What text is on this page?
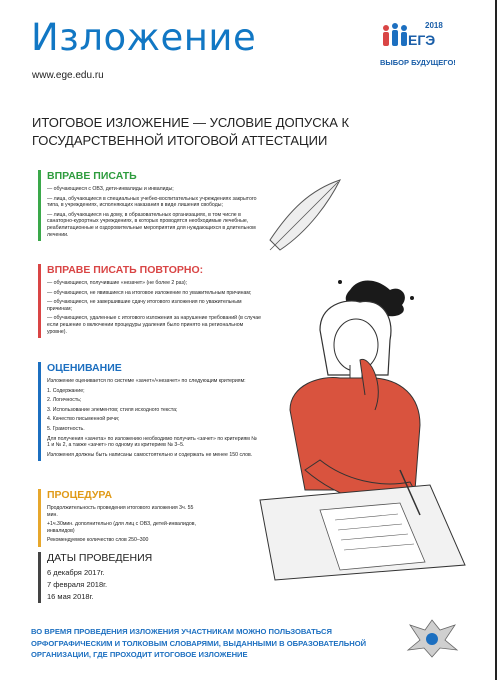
Изложение
www.ege.edu.ru
2018
ЕГЭ
ВЫБОР БУДУЩЕГО!
ИТОГОВОЕ ИЗЛОЖЕНИЕ — УСЛОВИЕ ДОПУСКА К ГОСУДАРСТВЕННОЙ ИТОГОВОЙ АТТЕСТАЦИИ
ВПРАВЕ ПИСАТЬ
— обучающиеся с ОВЗ, дети-инвалиды и инвалиды;
— лица, обучающиеся в специальных учебно-воспитательных учреждениях закрытого типа, в учреждениях, исполняющих наказания в виде лишения свободы;
— лица, обучающиеся на дому, в образовательных организациях, в том числе в санаторно-курортных учреждениях, в которых проводятся необходимые лечебные, реабилитационные и оздоровительные мероприятия для нуждающихся в длительном лечении.
ВПРАВЕ ПИСАТЬ ПОВТОРНО:
— обучающиеся, получившие «незачет» (не более 2 раз);
— обучающиеся, не явившиеся на итоговое изложение по уважительным причинам;
— обучающиеся, не завершившие сдачу итогового изложения по уважительным причинам;
— обучающиеся, удаленные с итогового изложения за нарушение требований (в случае если решение о включении процедуры удаления было принято на региональном уровне).
ОЦЕНИВАНИЕ
Изложение оценивается по системе «зачет»/«незачет» по следующим критериям:
1. Содержание;
2. Логичность;
3. Использование элементов; стиля исходного текста;
4. Качество письменной речи;
5. Грамотность.
Для получения «зачета» по изложению необходимо получить «зачет» по критериям № 1 и № 2, а также «зачет» по одному из критериев № 3–5.
Изложения должны быть написаны самостоятельно и содержать не менее 150 слов.
ПРОЦЕДУРА
Продолжительность проведения итогового изложения 3ч. 55 мин.
+1ч.30мин. дополнительно (для лиц с ОВЗ, детей-инвалидов, инвалидов)
Рекомендуемое количество слов 250–300
ДАТЫ ПРОВЕДЕНИЯ
6 декабря 2017г.
7 февраля 2018г.
16 мая 2018г.
ВО ВРЕМЯ ПРОВЕДЕНИЯ ИЗЛОЖЕНИЯ УЧАСТНИКАМ МОЖНО ПОЛЬЗОВАТЬСЯ ОРФОГРАФИЧЕСКИМ И ТОЛКОВЫМ СЛОВАРЯМИ, ВЫДАННЫМИ В ОБРАЗОВАТЕЛЬНОЙ ОРГАНИЗАЦИИ, ГДЕ ПРОХОДИТ ИТОГОВОЕ ИЗЛОЖЕНИЕ
